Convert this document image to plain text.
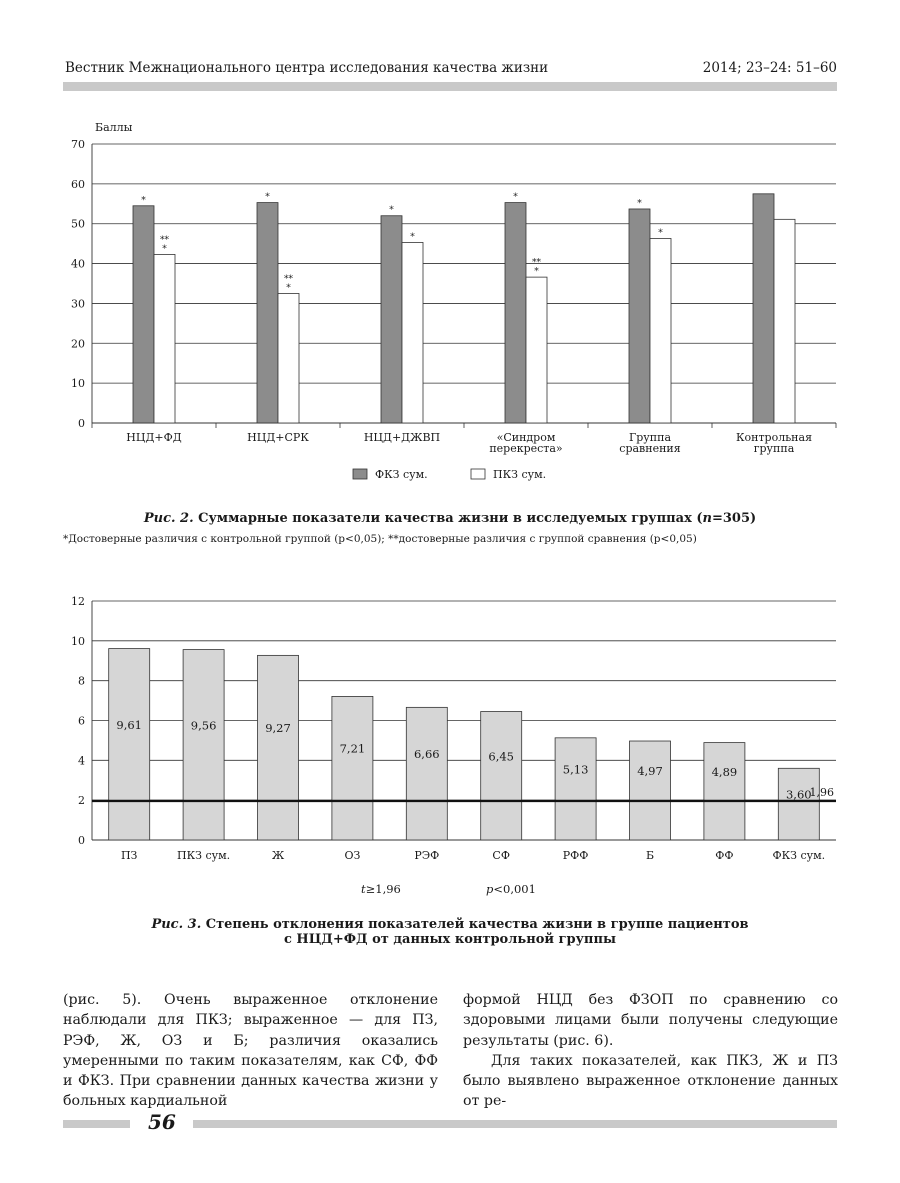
Вестник Межнационального центра исследования качества жизни	2014; 23–24: 51–60
Баллы
0
10
20
30
40
50
60
70
*
**
*
НЦД+ФД
*
**
*
НЦД+СРК
*
*
НЦД+ДЖВП
*
**
*
«Синдром
перекреста»
*
*
Группа
сравнения
Контрольная
группа
ФКЗ сум.	ПКЗ сум.
Рис. 2. Суммарные показатели качества жизни в исследуемых группах (n=305)
*Достоверные различия с контрольной группой (p<0,05); **достоверные различия с группой сравнения (p<0,05)
0
2
4
6
8
10
12
9,61
ПЗ
9,56
ПКЗ сум.
9,27
Ж
7,21
ОЗ
6,66
РЭФ
6,45
СФ
5,13
РФФ
4,97
Б
4,89
ФФ
3,60
ФКЗ сум.
1,96
t≥1,96	p<0,001
Рис. 3. Степень отклонения показателей качества жизни в группе пациентов
с НЦД+ФД от данных контрольной группы

(рис. 5). Очень выраженное отклонение наблюдали для ПКЗ; выраженное — для ПЗ, РЭФ, Ж, ОЗ и Б; различия оказались умеренными по таким показателям, как СФ, ФФ и ФКЗ. При сравнении данных качества жизни у больных кардиальной

формой НЦД без ФЗОП по сравнению со здоровыми лицами были получены следующие результаты (рис. 6).

Для таких показателей, как ПКЗ, Ж и ПЗ было выявлено выраженное отклонение данных от ре-

56
